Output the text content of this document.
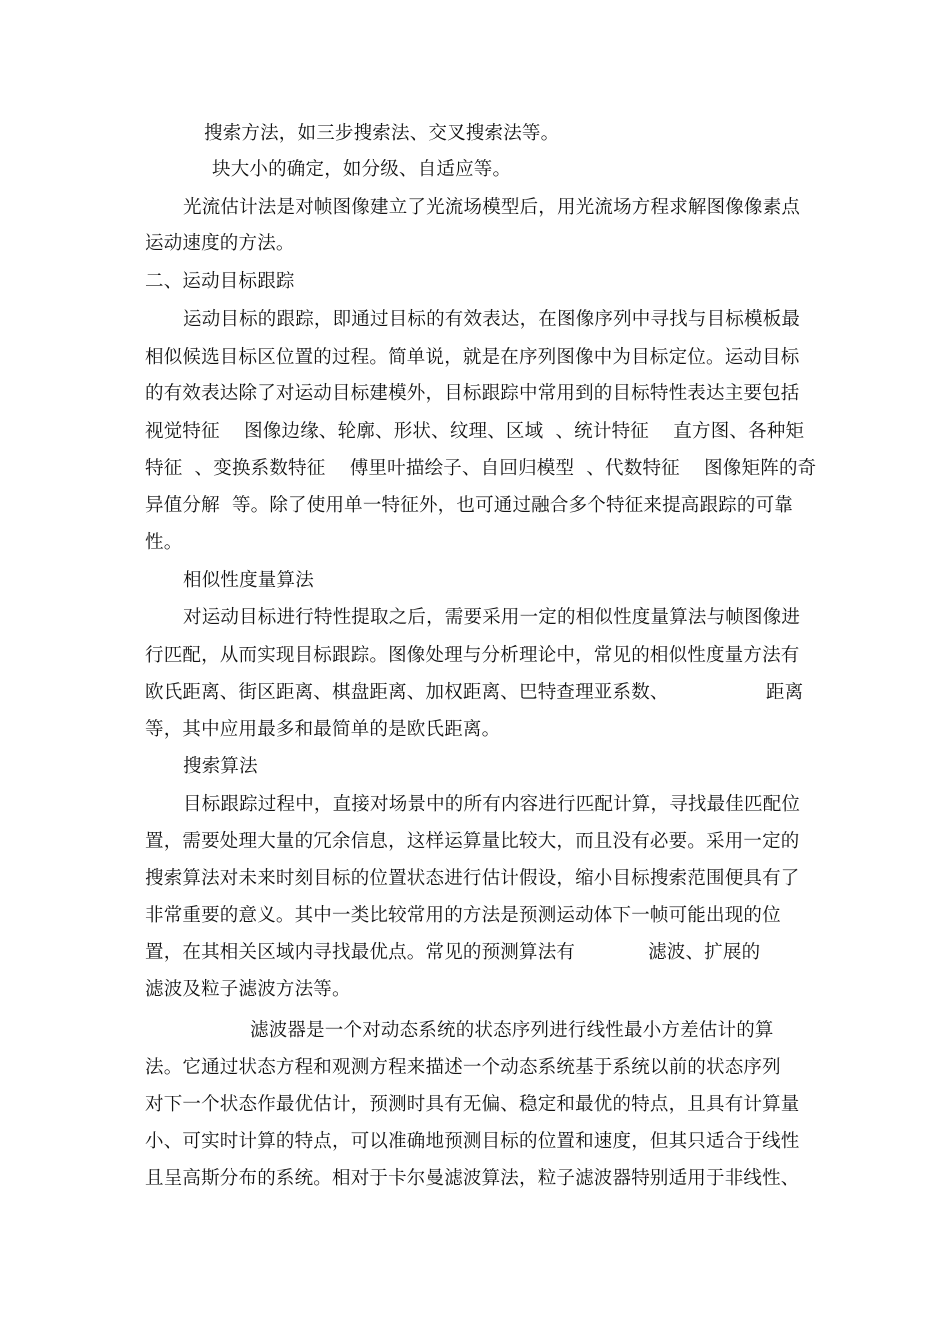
搜索方法，如三步搜索法、交叉搜索法等。
块大小的确定，如分级、自适应等。
光流估计法是对帧图像建立了光流场模型后，用光流场方程求解图像像素点
运动速度的方法。
二、运动目标跟踪
运动目标的跟踪，即通过目标的有效表达，在图像序列中寻找与目标模板最
相似候选目标区位置的过程。简单说，就是在序列图像中为目标定位。运动目标
的有效表达除了对运动目标建模外，目标跟踪中常用到的目标特性表达主要包括
视觉特征    图像边缘、轮廓、形状、纹理、区域  、统计特征    直方图、各种矩
特征  、变换系数特征    傅里叶描绘子、自回归模型  、代数特征    图像矩阵的奇
异值分解  等。除了使用单一特征外，也可通过融合多个特征来提高跟踪的可靠
性。
相似性度量算法
对运动目标进行特性提取之后，需要采用一定的相似性度量算法与帧图像进
行匹配，从而实现目标跟踪。图像处理与分析理论中，常见的相似性度量方法有
欧氏距离、街区距离、棋盘距离、加权距离、巴特查理亚系数、                距离
等，其中应用最多和最简单的是欧氏距离。
搜索算法
目标跟踪过程中，直接对场景中的所有内容进行匹配计算，寻找最佳匹配位
置，需要处理大量的冗余信息，这样运算量比较大，而且没有必要。采用一定的
搜索算法对未来时刻目标的位置状态进行估计假设，缩小目标搜索范围便具有了
非常重要的意义。其中一类比较常用的方法是预测运动体下一帧可能出现的位
置，在其相关区域内寻找最优点。常见的预测算法有            滤波、扩展的
滤波及粒子滤波方法等。
滤波器是一个对动态系统的状态序列进行线性最小方差估计的算
法。它通过状态方程和观测方程来描述一个动态系统基于系统以前的状态序列
对下一个状态作最优估计，预测时具有无偏、稳定和最优的特点，且具有计算量
小、可实时计算的特点，可以准确地预测目标的位置和速度，但其只适合于线性
且呈高斯分布的系统。相对于卡尔曼滤波算法，粒子滤波器特别适用于非线性、
